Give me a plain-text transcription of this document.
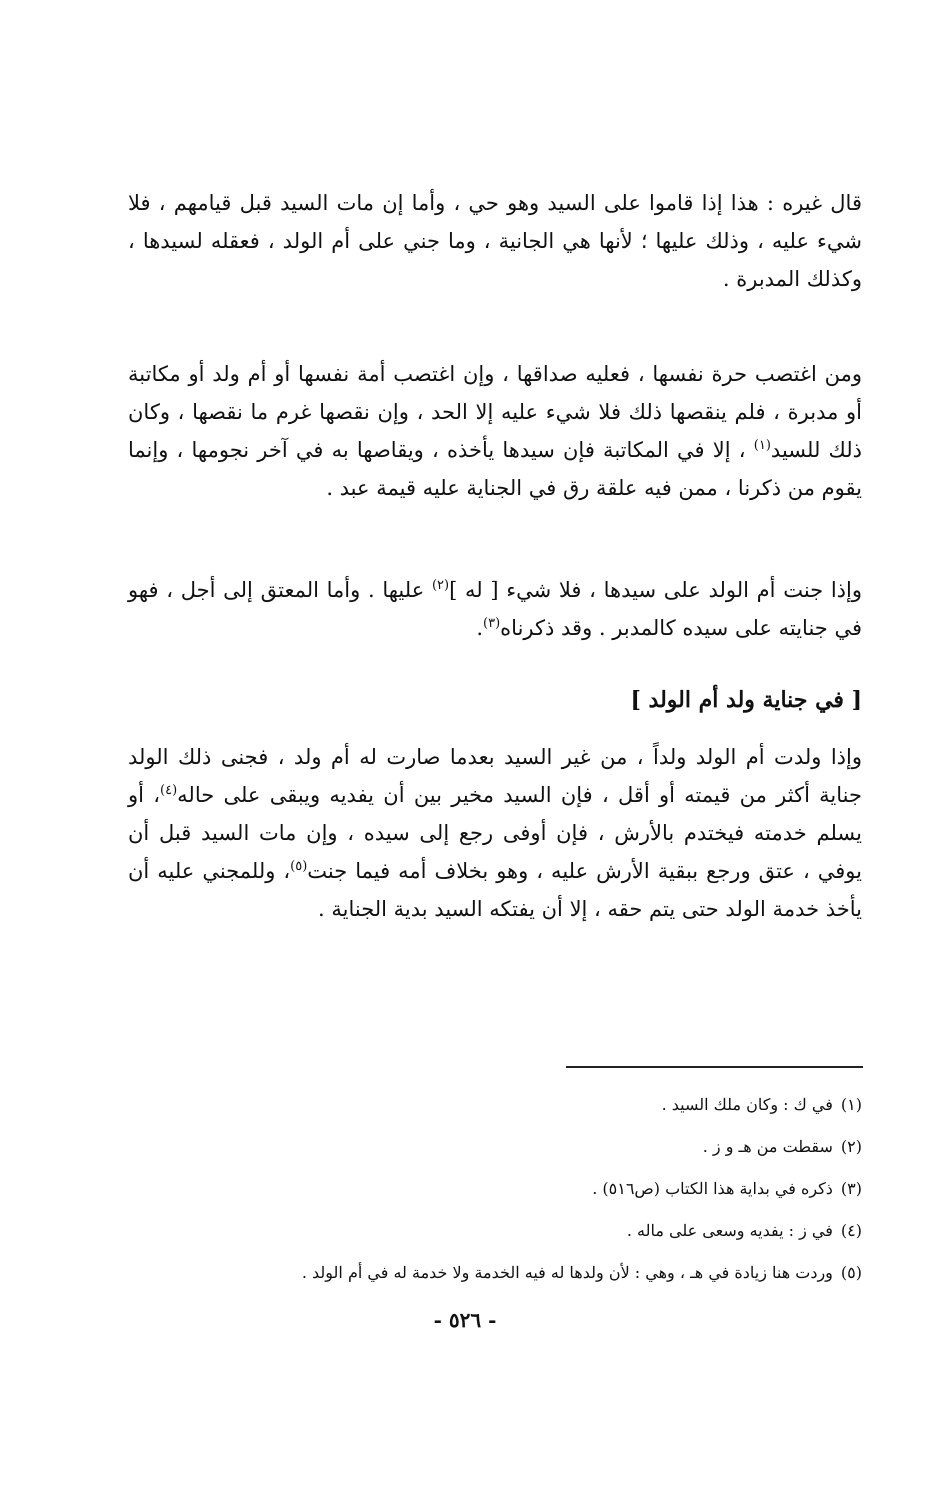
قال غيره : هذا إذا قاموا على السيد وهو حي ، وأما إن مات السيد قبل قيامهم ، فلا شيء عليه ، وذلك عليها ؛ لأنها هي الجانية ، وما جني على أم الولد ، فعقله لسيدها ، وكذلك المدبرة .

ومن اغتصب حرة نفسها ، فعليه صداقها ، وإن اغتصب أمة نفسها أو أم ولد أو مكاتبة أو مدبرة ، فلم ينقصها ذلك فلا شيء عليه إلا الحد ، وإن نقصها غرم ما نقصها ، وكان ذلك للسيد$^{(١)}$ ، إلا في المكاتبة فإن سيدها يأخذه ، ويقاصها به في آخر نجومها ، وإنما يقوم من ذكرنا ، ممن فيه علقة رق في الجناية عليه قيمة عبد .

وإذا جنت أم الولد على سيدها ، فلا شيء [ له ]$^{(٢)}$ عليها . وأما المعتق إلى أجل ، فهو في جنايته على سيده كالمدبر . وقد ذكرناه$^{(٣)}$.

[ في جناية ولد أم الولد ]

وإذا ولدت أم الولد ولداً ، من غير السيد بعدما صارت له أم ولد ، فجنى ذلك الولد جناية أكثر من قيمته أو أقل ، فإن السيد مخير بين أن يفديه ويبقى على حاله$^{(٤)}$، أو يسلم خدمته فيختدم بالأرش ، فإن أوفى رجع إلى سيده ، وإن مات السيد قبل أن يوفي ، عتق ورجع ببقية الأرش عليه ، وهو بخلاف أمه فيما جنت$^{(٥)}$، وللمجني عليه أن يأخذ خدمة الولد حتى يتم حقه ، إلا أن يفتكه السيد بدية الجناية .

(١)في ك : وكان ملك السيد .

(٢)سقطت من هـ و ز .

(٣)ذكره في بداية هذا الكتاب (ص٥١٦) .

(٤)في ز : يفديه وسعى على ماله .

(٥)وردت هنا زيادة في هـ ، وهي : لأن ولدها له فيه الخدمة ولا خدمة له في أم الولد .

- ٥٢٦ -
